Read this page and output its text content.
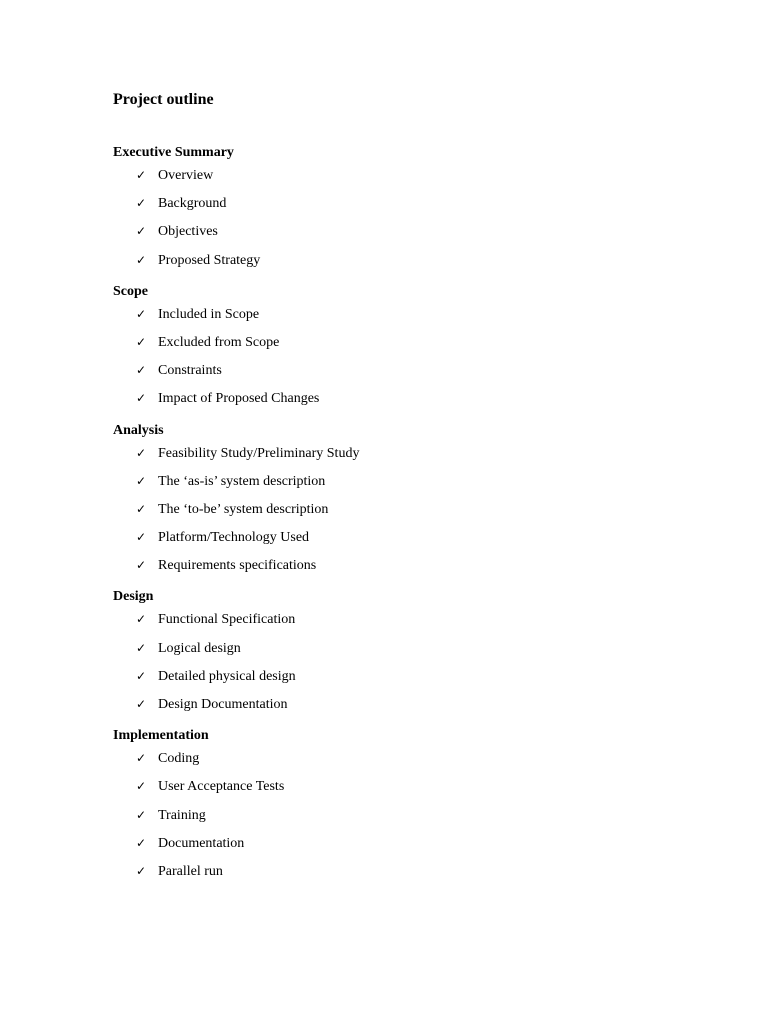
Project outline
Executive Summary
✓ Overview
✓ Background
✓ Objectives
✓ Proposed Strategy
Scope
✓ Included in Scope
✓ Excluded from Scope
✓ Constraints
✓ Impact of Proposed Changes
Analysis
✓ Feasibility Study/Preliminary Study
✓ The ‘as-is’ system description
✓ The ‘to-be’ system description
✓ Platform/Technology Used
✓ Requirements specifications
Design
✓ Functional Specification
✓ Logical design
✓ Detailed physical design
✓ Design Documentation
Implementation
✓ Coding
✓ User Acceptance Tests
✓ Training
✓ Documentation
✓ Parallel run
